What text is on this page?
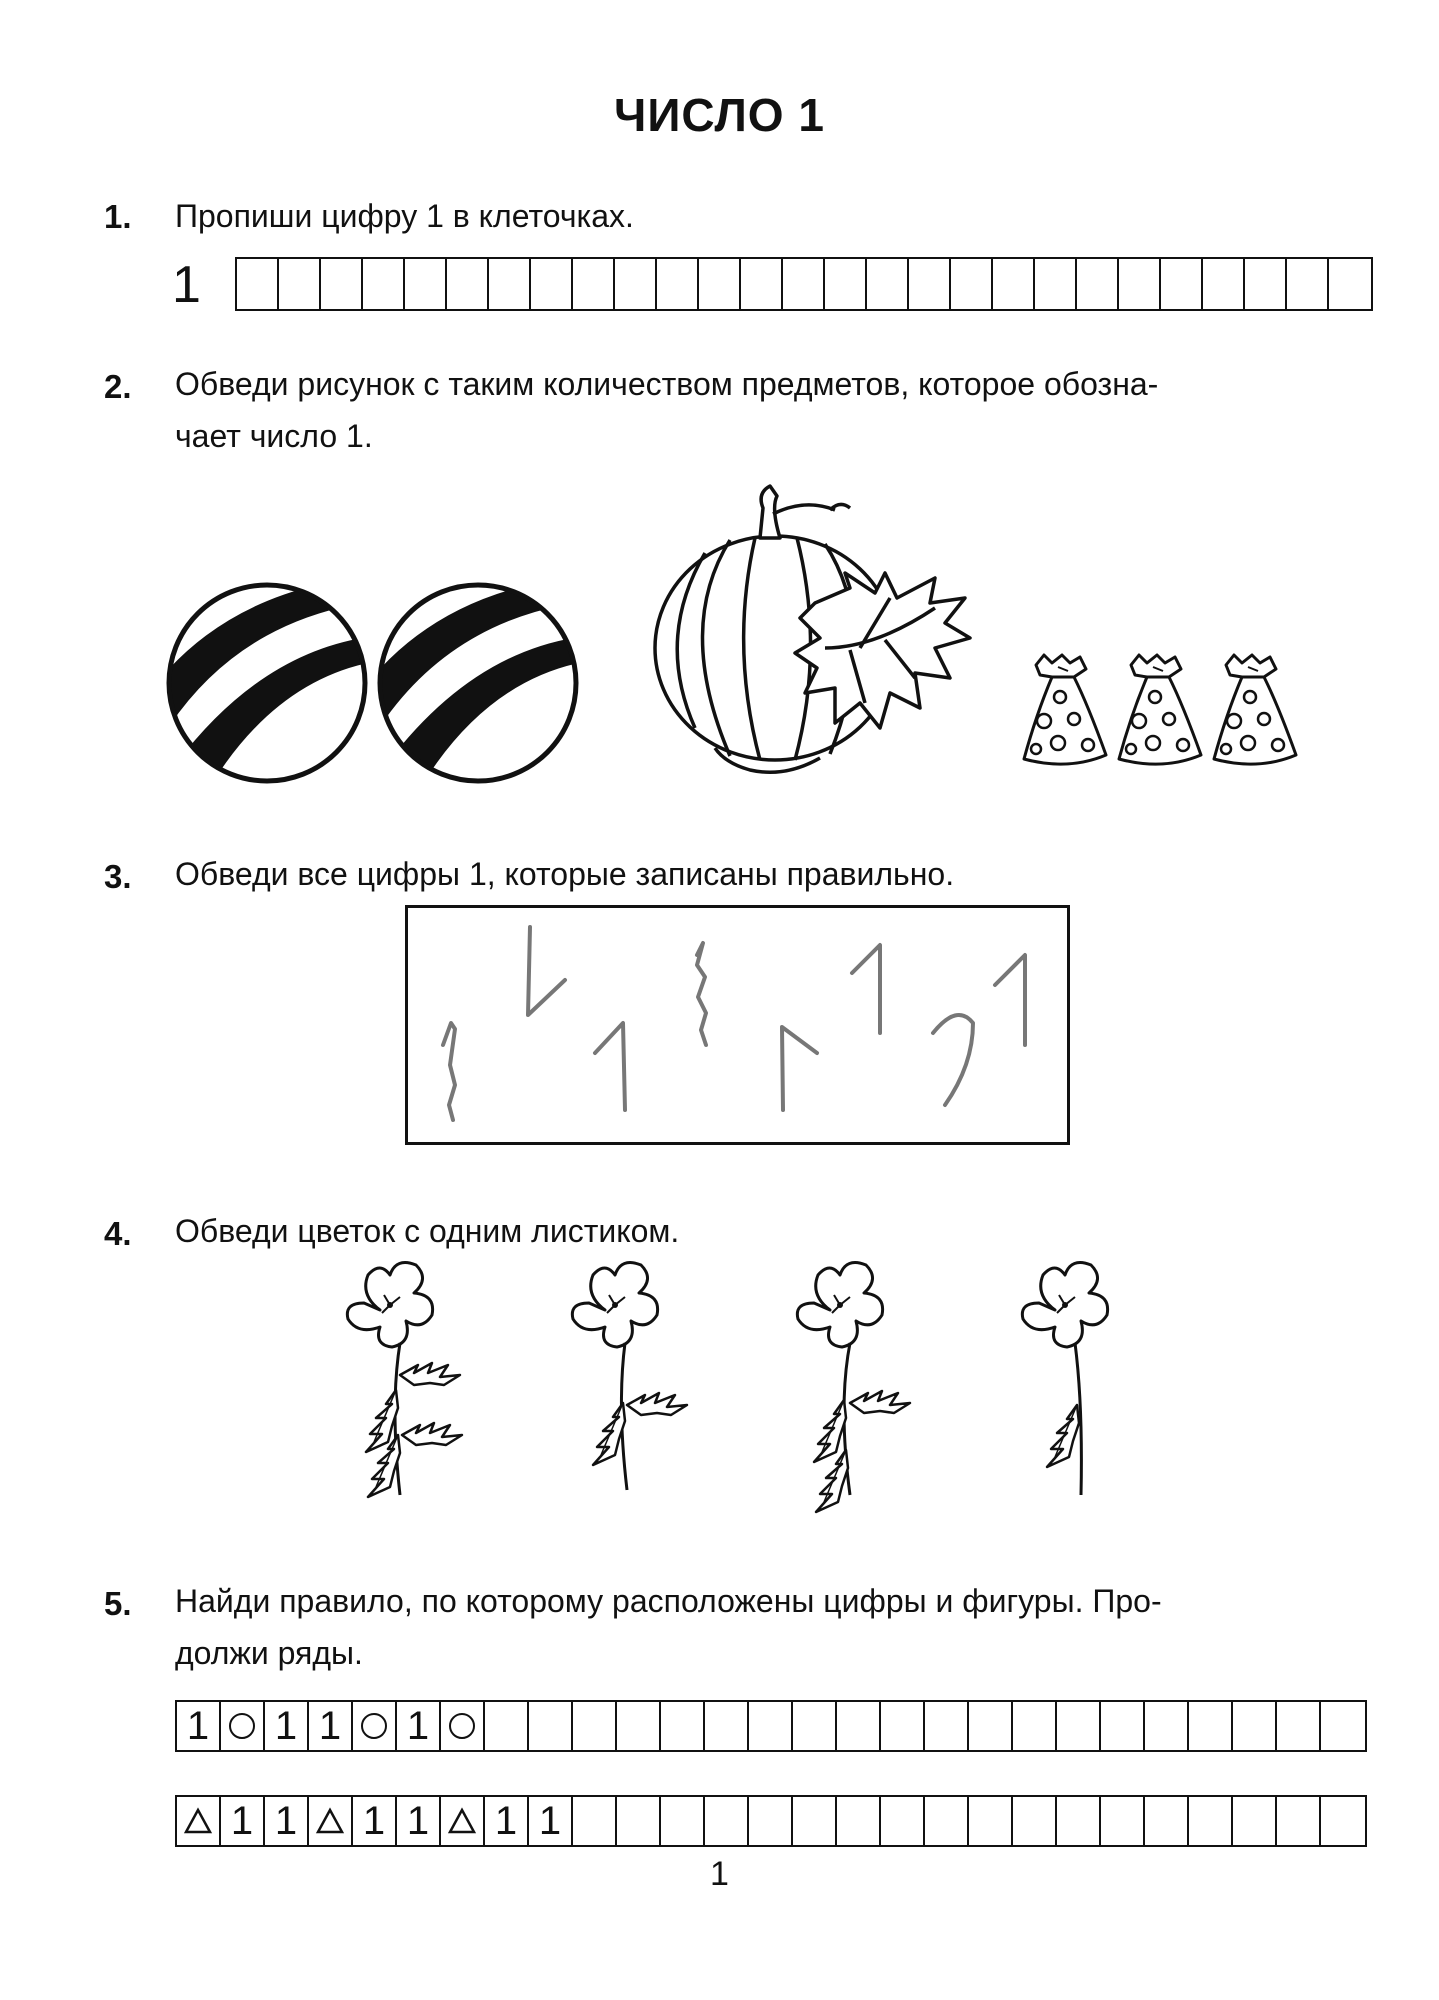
ЧИСЛО 1
1. Пропиши цифру 1 в клеточках.
1
2. Обведи рисунок с таким количеством предметов, которое обозна-
чает число 1.
3. Обведи все цифры 1, которые записаны правильно.
4. Обведи цветок с одним листиком.
5. Найди правило, по которому расположены цифры и фигуры. Про-
должи ряды.
1 1 1 1
1 1 1 1 1 1
1
